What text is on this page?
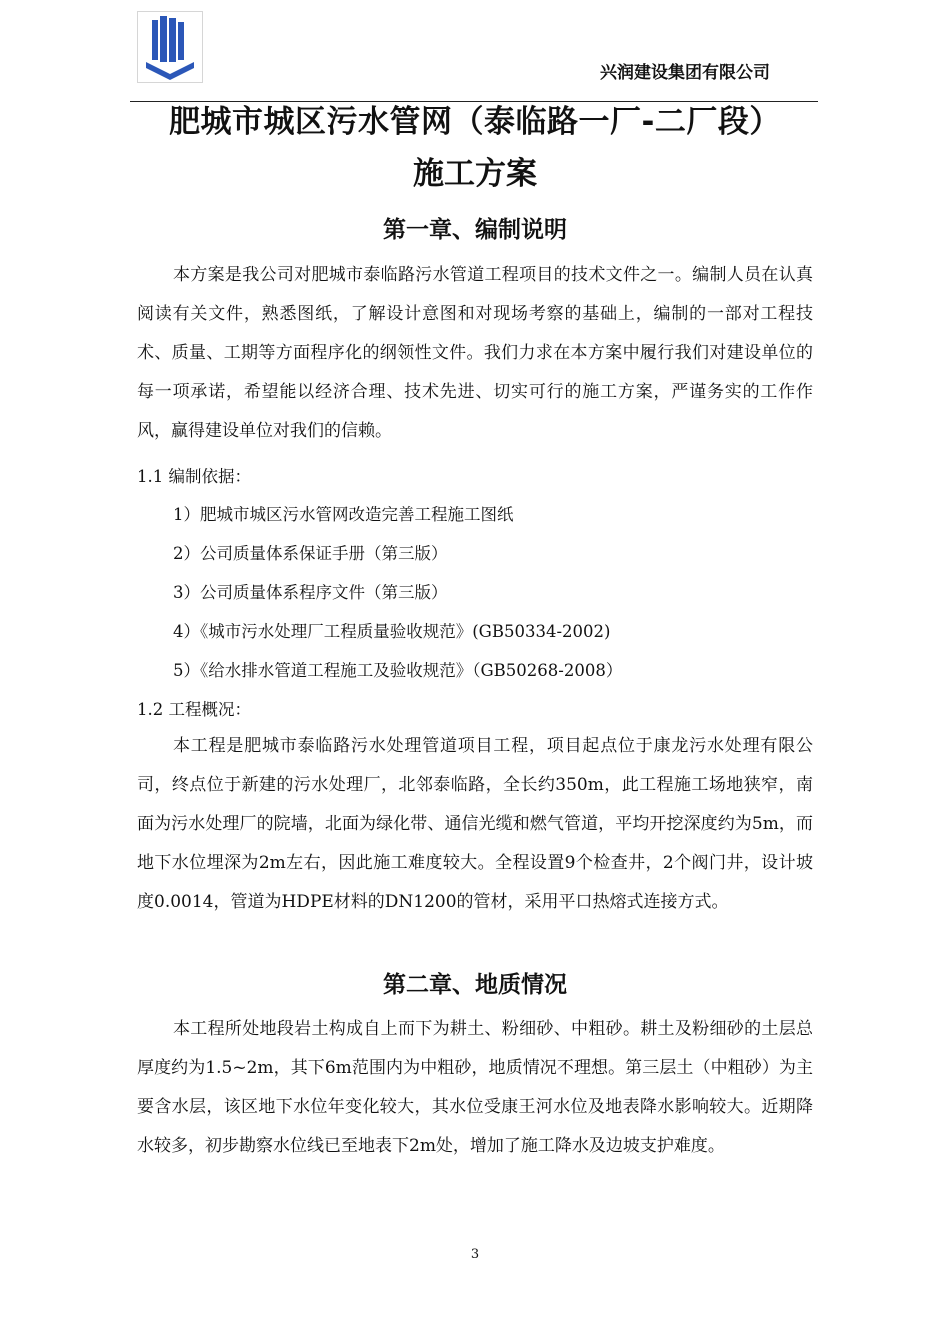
兴润建设集团有限公司
肥城市城区污水管网（泰临路一厂-二厂段）
施工方案
第一章、编制说明

本方案是我公司对肥城市泰临路污水管道工程项目的技术文件之一。编制人员在认真阅读有关文件，熟悉图纸，了解设计意图和对现场考察的基础上，编制的一部对工程技术、质量、工期等方面程序化的纲领性文件。我们力求在本方案中履行我们对建设单位的每一项承诺，希望能以经济合理、技术先进、切实可行的施工方案，严谨务实的工作作风，赢得建设单位对我们的信赖。

1.1 编制依据：
1）肥城市城区污水管网改造完善工程施工图纸
2）公司质量体系保证手册（第三版）
3）公司质量体系程序文件（第三版）
4）《城市污水处理厂工程质量验收规范》(GB50334-2002)
5）《给水排水管道工程施工及验收规范》（GB50268-2008）
1.2 工程概况：

本工程是肥城市泰临路污水处理管道项目工程，项目起点位于康龙污水处理有限公司，终点位于新建的污水处理厂，北邻泰临路，全长约350m，此工程施工场地狭窄，南面为污水处理厂的院墙，北面为绿化带、通信光缆和燃气管道，平均开挖深度约为5m，而地下水位埋深为2m左右，因此施工难度较大。全程设置9个检查井，2个阀门井，设计坡度0.0014，管道为HDPE材料的DN1200的管材，采用平口热熔式连接方式。

第二章、地质情况

本工程所处地段岩土构成自上而下为耕土、粉细砂、中粗砂。耕土及粉细砂的土层总厚度约为1.5~2m，其下6m范围内为中粗砂，地质情况不理想。第三层土（中粗砂）为主要含水层，该区地下水位年变化较大，其水位受康王河水位及地表降水影响较大。近期降水较多，初步勘察水位线已至地表下2m处，增加了施工降水及边坡支护难度。

3
